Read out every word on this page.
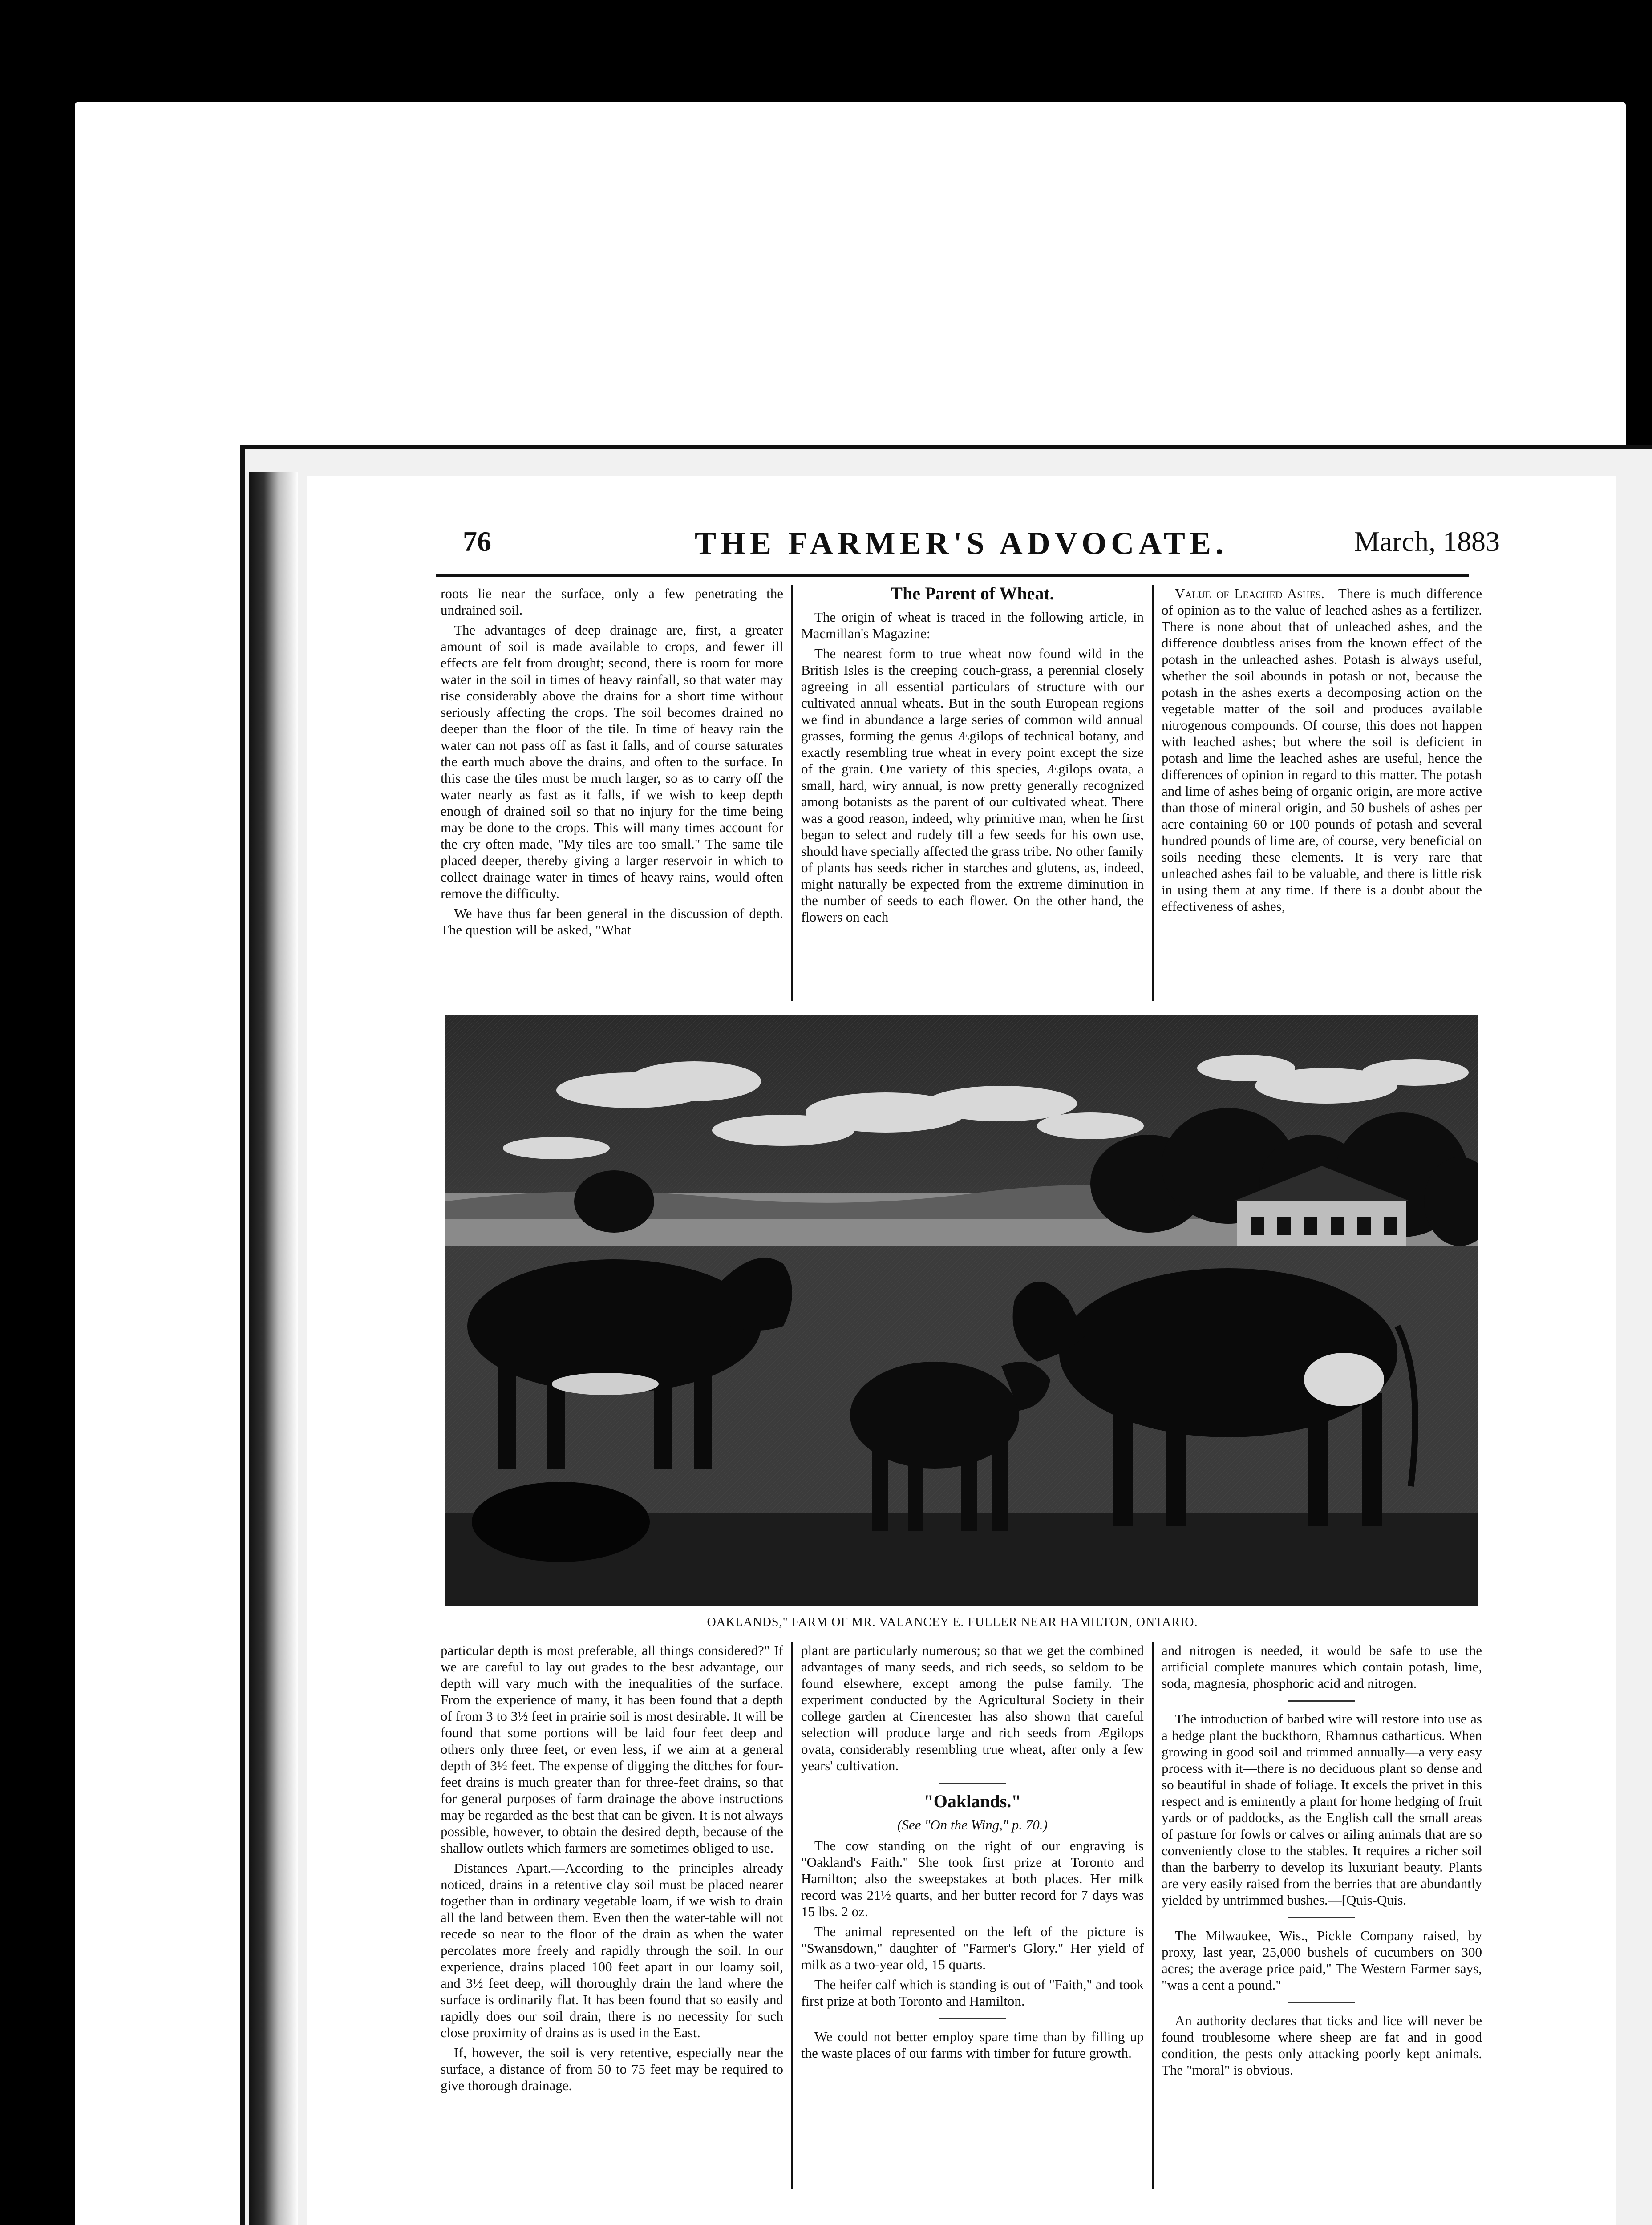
76	THE FARMER'S ADVOCATE.	March, 1883

roots lie near the surface, only a few penetrating the undrained soil.

The advantages of deep drainage are, first, a greater amount of soil is made available to crops, and fewer ill effects are felt from drought; second, there is room for more water in the soil in times of heavy rainfall, so that water may rise considerably above the drains for a short time without seriously affecting the crops. The soil becomes drained no deeper than the floor of the tile. In time of heavy rain the water can not pass off as fast it falls, and of course saturates the earth much above the drains, and often to the surface. In this case the tiles must be much larger, so as to carry off the water nearly as fast as it falls, if we wish to keep depth enough of drained soil so that no injury for the time being may be done to the crops. This will many times account for the cry often made, "My tiles are too small." The same tile placed deeper, thereby giving a larger reservoir in which to collect drainage water in times of heavy rains, would often remove the difficulty.

We have thus far been general in the discussion of depth. The question will be asked, "What

The Parent of Wheat.

The origin of wheat is traced in the following article, in Macmillan's Magazine:

The nearest form to true wheat now found wild in the British Isles is the creeping couch-grass, a perennial closely agreeing in all essential particulars of structure with our cultivated annual wheats. But in the south European regions we find in abundance a large series of common wild annual grasses, forming the genus Ægilops of technical botany, and exactly resembling true wheat in every point except the size of the grain. One variety of this species, Ægilops ovata, a small, hard, wiry annual, is now pretty generally recognized among botanists as the parent of our cultivated wheat. There was a good reason, indeed, why primitive man, when he first began to select and rudely till a few seeds for his own use, should have specially affected the grass tribe. No other family of plants has seeds richer in starches and glutens, as, indeed, might naturally be expected from the extreme diminution in the number of seeds to each flower. On the other hand, the flowers on each

Value of Leached Ashes.—There is much difference of opinion as to the value of leached ashes as a fertilizer. There is none about that of unleached ashes, and the difference doubtless arises from the known effect of the potash in the unleached ashes. Potash is always useful, whether the soil abounds in potash or not, because the potash in the ashes exerts a decomposing action on the vegetable matter of the soil and produces available nitrogenous compounds. Of course, this does not happen with leached ashes; but where the soil is deficient in potash and lime the leached ashes are useful, hence the differences of opinion in regard to this matter. The potash and lime of ashes being of organic origin, are more active than those of mineral origin, and 50 bushels of ashes per acre containing 60 or 100 pounds of potash and several hundred pounds of lime are, of course, very beneficial on soils needing these elements. It is very rare that unleached ashes fail to be valuable, and there is little risk in using them at any time. If there is a doubt about the effectiveness of ashes,

OAKLANDS," FARM OF MR. VALANCEY E. FULLER NEAR HAMILTON, ONTARIO.

particular depth is most preferable, all things considered?" If we are careful to lay out grades to the best advantage, our depth will vary much with the inequalities of the surface. From the experience of many, it has been found that a depth of from 3 to 3½ feet in prairie soil is most desirable. It will be found that some portions will be laid four feet deep and others only three feet, or even less, if we aim at a general depth of 3½ feet. The expense of digging the ditches for four-feet drains is much greater than for three-feet drains, so that for general purposes of farm drainage the above instructions may be regarded as the best that can be given. It is not always possible, however, to obtain the desired depth, because of the shallow outlets which farmers are sometimes obliged to use.

Distances Apart.—According to the principles already noticed, drains in a retentive clay soil must be placed nearer together than in ordinary vegetable loam, if we wish to drain all the land between them. Even then the water-table will not recede so near to the floor of the drain as when the water percolates more freely and rapidly through the soil. In our experience, drains placed 100 feet apart in our loamy soil, and 3½ feet deep, will thoroughly drain the land where the surface is ordinarily flat. It has been found that so easily and rapidly does our soil drain, there is no necessity for such close proximity of drains as is used in the East.

If, however, the soil is very retentive, especially near the surface, a distance of from 50 to 75 feet may be required to give thorough drainage.

plant are particularly numerous; so that we get the combined advantages of many seeds, and rich seeds, so seldom to be found elsewhere, except among the pulse family. The experiment conducted by the Agricultural Society in their college garden at Cirencester has also shown that careful selection will produce large and rich seeds from Ægilops ovata, considerably resembling true wheat, after only a few years' cultivation.

"Oaklands."
(See "On the Wing," p. 70.)

The cow standing on the right of our engraving is "Oakland's Faith." She took first prize at Toronto and Hamilton; also the sweepstakes at both places. Her milk record was 21½ quarts, and her butter record for 7 days was 15 lbs. 2 oz.

The animal represented on the left of the picture is "Swansdown," daughter of "Farmer's Glory." Her yield of milk as a two-year old, 15 quarts.

The heifer calf which is standing is out of "Faith," and took first prize at both Toronto and Hamilton.

We could not better employ spare time than by filling up the waste places of our farms with timber for future growth.

and nitrogen is needed, it would be safe to use the artificial complete manures which contain potash, lime, soda, magnesia, phosphoric acid and nitrogen.

The introduction of barbed wire will restore into use as a hedge plant the buckthorn, Rhamnus catharticus. When growing in good soil and trimmed annually—a very easy process with it—there is no deciduous plant so dense and so beautiful in shade of foliage. It excels the privet in this respect and is eminently a plant for home hedging of fruit yards or of paddocks, as the English call the small areas of pasture for fowls or calves or ailing animals that are so conveniently close to the stables. It requires a richer soil than the barberry to develop its luxuriant beauty. Plants are very easily raised from the berries that are abundantly yielded by untrimmed bushes.—[Quis-Quis.

The Milwaukee, Wis., Pickle Company raised, by proxy, last year, 25,000 bushels of cucumbers on 300 acres; the average price paid," The Western Farmer says, "was a cent a pound."

An authority declares that ticks and lice will never be found troublesome where sheep are fat and in good condition, the pests only attacking poorly kept animals. The "moral" is obvious.
